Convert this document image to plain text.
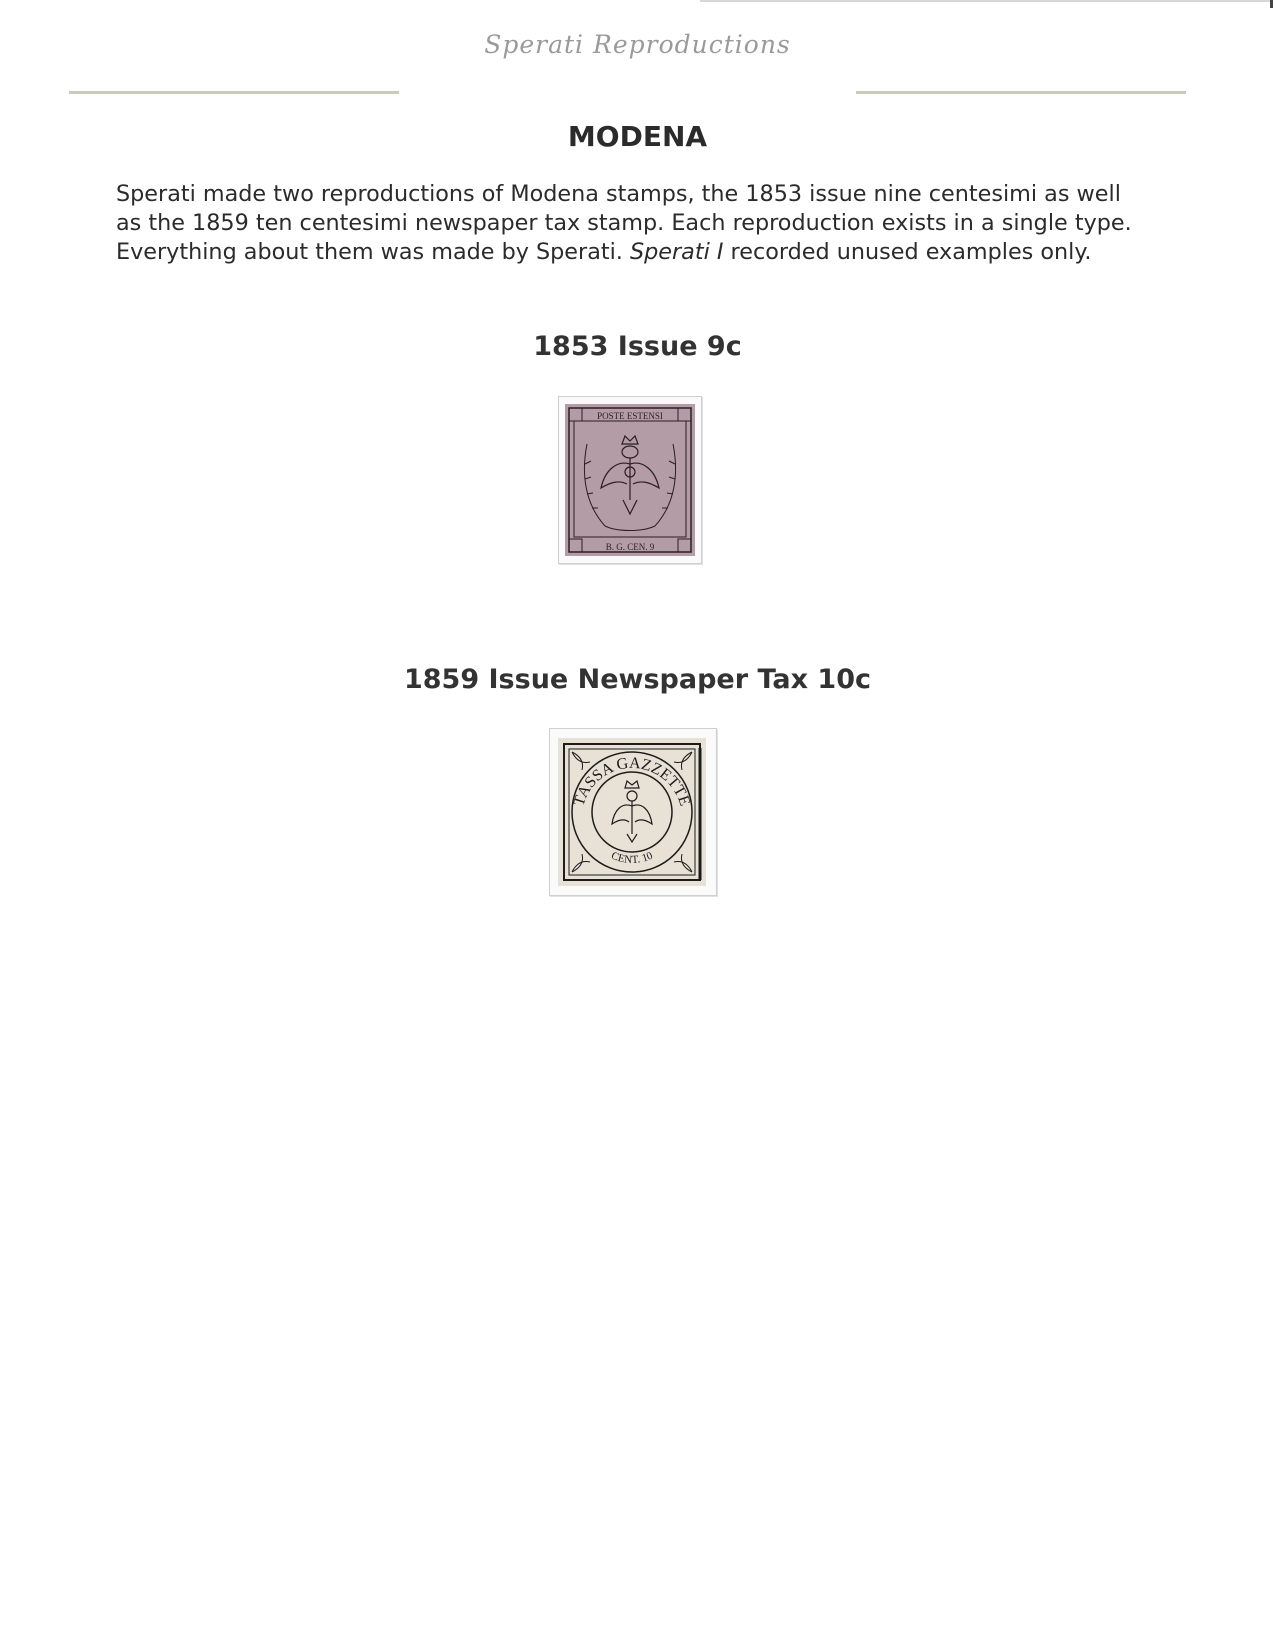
Sperati Reproductions
MODENA
Sperati made two reproductions of Modena stamps, the 1853 issue nine centesimi as well
as the 1859 ten centesimi newspaper tax stamp. Each reproduction exists in a single type.
Everything about them was made by Sperati. Sperati I recorded unused examples only.
1853 Issue 9c
POSTE ESTENSI
B. G. CEN. 9
1859 Issue Newspaper Tax 10c
TASSA GAZZETTE
CENT. 10
